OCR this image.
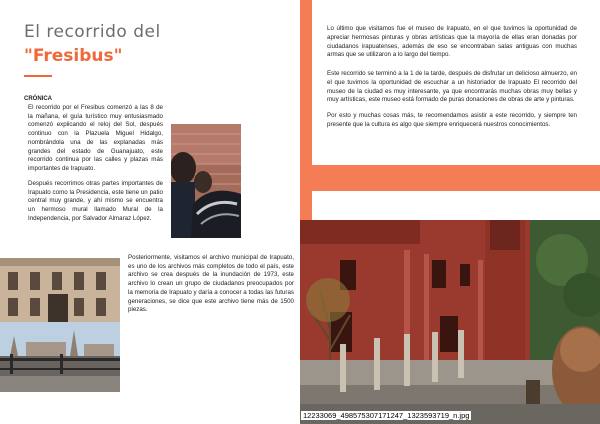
El recorrido del
"Fresibus"
CRÓNICA
El recorrido por el Fresibus comenzó a las 8 de la mañana, el guía turístico muy entusiasmado comenzó explicando el reloj del Sol, después continuo con la Plazuela Miguel Hidalgo, nombrándola una de las explanadas más grandes del estado de Guanajuato, este recorrido continua por las calles y plazas más importantes de Irapuato.
Después recorrimos otras partes importantes de Irapuato como la Presidencia, este tiene un patio central muy grande, y ahí mismo se encuentra un hermoso mural llamado Mural de la Independencia, por Salvador Almaraz López.
Posteriormente, visitamos el archivo municipal de Irapuato, es uno de los archivos más completos de todo el país, este archivo se crea después de la inundación de 1973, este archivo lo crean un grupo de ciudadanos preocupados por la memoria de Irapuato y daría a conocer a todas las futuras generaciones, se dice que este archivo tiene más de 1500 piezas.
Lo último que visitamos fue el museo de Irapuato, en el que tuvimos la oportunidad de apreciar hermosas pinturas y obras artísticas que la mayoría de ellas eran donadas por ciudadanos irapuatenses, además de eso se encontraban salas antiguas con muchas armas que se utilizaron a lo largo del tiempo.
Este recorrido se terminó a la 1 de la tarde, después de disfrutar un delicioso almuerzo, en el que tuvimos la oportunidad de escuchar a un historiador de Irapuato El recorrido del museo de la ciudad es muy interesante, ya que encontrarás muchas obras muy bellas y muy artísticas, este museo está formado de puras donaciones de obras de arte y pinturas.
Por esto y muchas cosas más, te recomendamos asistir a este recorrido, y siempre ten presente que la cultura es algo que siempre enriquecerá nuestros conocimientos.
12233069_498575307171247_1323593719_n.jpg
